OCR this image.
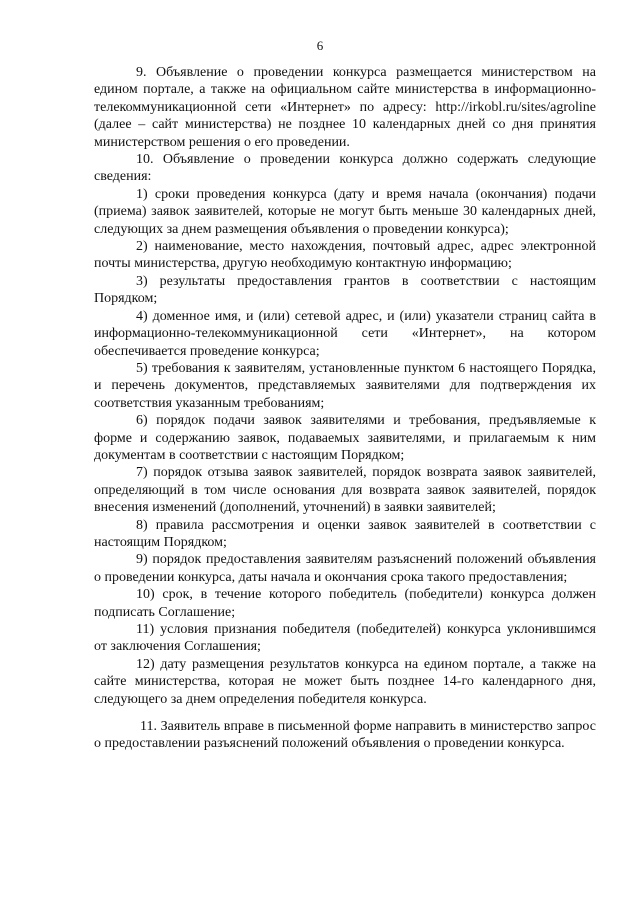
6

9. Объявление о проведении конкурса размещается министерством на едином портале, а также на официальном сайте министерства в информационно-телекоммуникационной сети «Интернет» по адресу: http://irkobl.ru/sites/agroline (далее – сайт министерства) не позднее 10 календарных дней со дня принятия министерством решения о его проведении.

10. Объявление о проведении конкурса должно содержать следующие сведения:

1) сроки проведения конкурса (дату и время начала (окончания) подачи (приема) заявок заявителей, которые не могут быть меньше 30 календарных дней, следующих за днем размещения объявления о проведении конкурса);

2) наименование, место нахождения, почтовый адрес, адрес электронной почты министерства, другую необходимую контактную информацию;

3) результаты предоставления грантов в соответствии с настоящим Порядком;

4) доменное имя, и (или) сетевой адрес, и (или) указатели страниц сайта в информационно-телекоммуникационной сети «Интернет», на котором обеспечивается проведение конкурса;

5) требования к заявителям, установленные пунктом 6 настоящего Порядка, и перечень документов, представляемых заявителями для подтверждения их соответствия указанным требованиям;

6) порядок подачи заявок заявителями и требования, предъявляемые к форме и содержанию заявок, подаваемых заявителями, и прилагаемым к ним документам в соответствии с настоящим Порядком;

7) порядок отзыва заявок заявителей, порядок возврата заявок заявителей, определяющий в том числе основания для возврата заявок заявителей, порядок внесения изменений (дополнений, уточнений) в заявки заявителей;

8) правила рассмотрения и оценки заявок заявителей в соответствии с настоящим Порядком;

9) порядок предоставления заявителям разъяснений положений объявления о проведении конкурса, даты начала и окончания срока такого предоставления;

10) срок, в течение которого победитель (победители) конкурса должен подписать Соглашение;

11) условия признания победителя (победителей) конкурса уклонившимся от заключения Соглашения;

12) дату размещения результатов конкурса на едином портале, а также на сайте министерства, которая не может быть позднее 14-го календарного дня, следующего за днем определения победителя конкурса.

11. Заявитель вправе в письменной форме направить в министерство запрос о предоставлении разъяснений положений объявления о проведении конкурса.
